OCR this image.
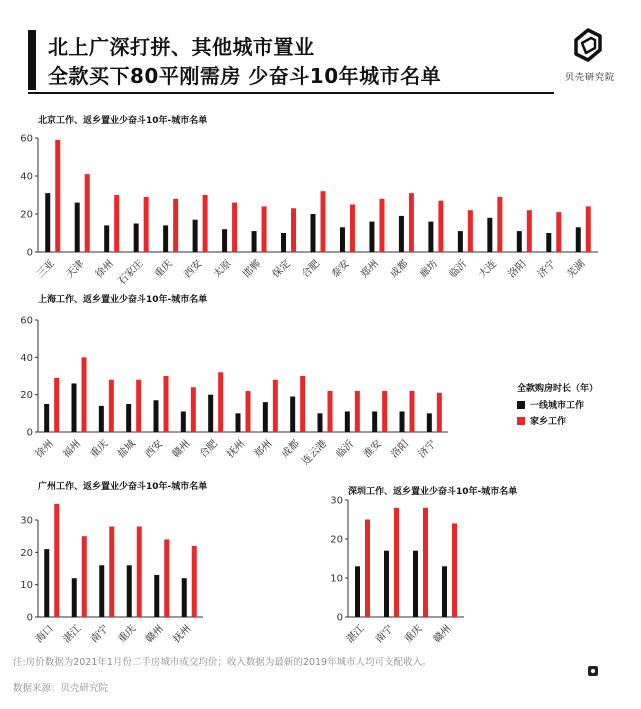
北上广深打拼、其他城市置业
全款买下80平刚需房 少奋斗10年城市名单	贝壳研究院
北京工作、返乡置业少奋斗10年-城市名单
上海工作、返乡置业少奋斗10年-城市名单
广州工作、返乡置业少奋斗10年-城市名单	深圳工作、返乡置业少奋斗10年-城市名单
0
20
40
60
三亚 天津 徐州 石家庄 重庆 西安 太原 邯郸 保定 合肥 泰安 郑州 成都 廊坊 临沂 大连 洛阳 济宁 芜湖
0
20
40
60
徐州 福州 重庆 盐城 西安 赣州 合肥 抚州 郑州 成都
连云港 临沂 淮安 洛阳 济宁
0
10
20
30
海口 湛江 南宁 重庆 赣州 抚州
0
10
20
30
湛江 南宁 重庆 赣州
全款购房时长（年）
一线城市工作
家乡工作
注:房价数据为2021年1月份二手房城市成交均价；收入数据为最新的2019年城市人均可支配收入。
数据来源：贝壳研究院
